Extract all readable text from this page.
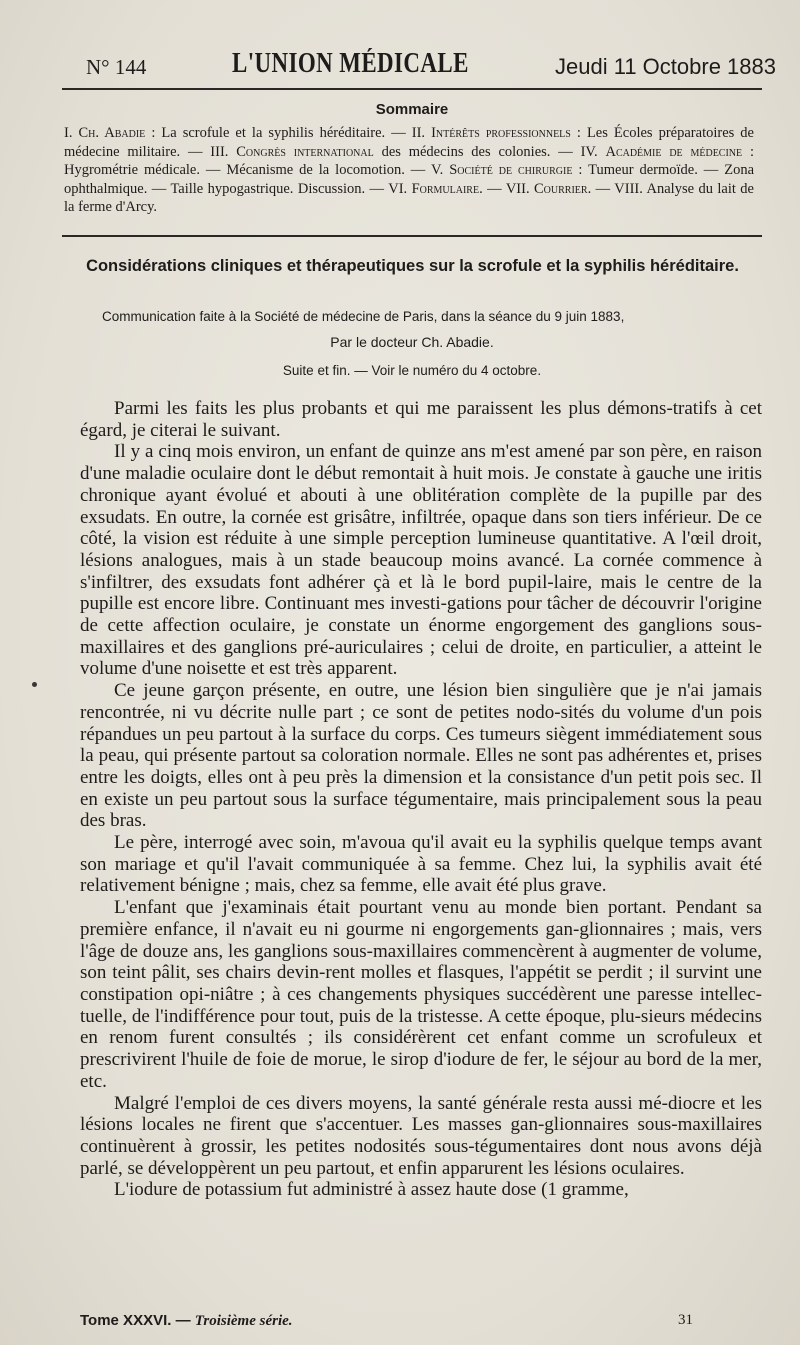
N° 144	L'UNION MÉDICALE	Jeudi 11 Octobre 1883
Sommaire
I. Ch. Abadie : La scrofule et la syphilis héréditaire. — II. Intérêts professionnels : Les Écoles préparatoires de médecine militaire. — III. Congrès international des médecins des colonies. — IV. Académie de médecine : Hygrométrie médicale. — Mécanisme de la locomotion. — V. Société de chirurgie : Tumeur dermoïde. — Zona ophthalmique. — Taille hypogastrique. Discussion. — VI. Formulaire. — VII. Courrier. — VIII. Analyse du lait de la ferme d'Arcy.
Considérations cliniques et thérapeutiques sur la scrofule et la syphilis héréditaire.
Communication faite à la Société de médecine de Paris, dans la séance du 9 juin 1883,
Par le docteur Ch. Abadie.
Suite et fin. — Voir le numéro du 4 octobre.

Parmi les faits les plus probants et qui me paraissent les plus démons-tratifs à cet égard, je citerai le suivant.

Il y a cinq mois environ, un enfant de quinze ans m'est amené par son père, en raison d'une maladie oculaire dont le début remontait à huit mois. Je constate à gauche une iritis chronique ayant évolué et abouti à une oblitération complète de la pupille par des exsudats. En outre, la cornée est grisâtre, infiltrée, opaque dans son tiers inférieur. De ce côté, la vision est réduite à une simple perception lumineuse quantitative. A l'œil droit, lésions analogues, mais à un stade beaucoup moins avancé. La cornée commence à s'infiltrer, des exsudats font adhérer çà et là le bord pupil-laire, mais le centre de la pupille est encore libre. Continuant mes investi-gations pour tâcher de découvrir l'origine de cette affection oculaire, je constate un énorme engorgement des ganglions sous-maxillaires et des ganglions pré-auriculaires ; celui de droite, en particulier, a atteint le volume d'une noisette et est très apparent.

Ce jeune garçon présente, en outre, une lésion bien singulière que je n'ai jamais rencontrée, ni vu décrite nulle part ; ce sont de petites nodo-sités du volume d'un pois répandues un peu partout à la surface du corps. Ces tumeurs siègent immédiatement sous la peau, qui présente partout sa coloration normale. Elles ne sont pas adhérentes et, prises entre les doigts, elles ont à peu près la dimension et la consistance d'un petit pois sec. Il en existe un peu partout sous la surface tégumentaire, mais principalement sous la peau des bras.

Le père, interrogé avec soin, m'avoua qu'il avait eu la syphilis quelque temps avant son mariage et qu'il l'avait communiquée à sa femme. Chez lui, la syphilis avait été relativement bénigne ; mais, chez sa femme, elle avait été plus grave.

L'enfant que j'examinais était pourtant venu au monde bien portant. Pendant sa première enfance, il n'avait eu ni gourme ni engorgements gan-glionnaires ; mais, vers l'âge de douze ans, les ganglions sous-maxillaires commencèrent à augmenter de volume, son teint pâlit, ses chairs devin-rent molles et flasques, l'appétit se perdit ; il survint une constipation opi-niâtre ; à ces changements physiques succédèrent une paresse intellec-tuelle, de l'indifférence pour tout, puis de la tristesse. A cette époque, plu-sieurs médecins en renom furent consultés ; ils considérèrent cet enfant comme un scrofuleux et prescrivirent l'huile de foie de morue, le sirop d'iodure de fer, le séjour au bord de la mer, etc.

Malgré l'emploi de ces divers moyens, la santé générale resta aussi mé-diocre et les lésions locales ne firent que s'accentuer. Les masses gan-glionnaires sous-maxillaires continuèrent à grossir, les petites nodosités sous-tégumentaires dont nous avons déjà parlé, se développèrent un peu partout, et enfin apparurent les lésions oculaires.

L'iodure de potassium fut administré à assez haute dose (1 gramme,

Tome XXXVI. — Troisième série.	31
